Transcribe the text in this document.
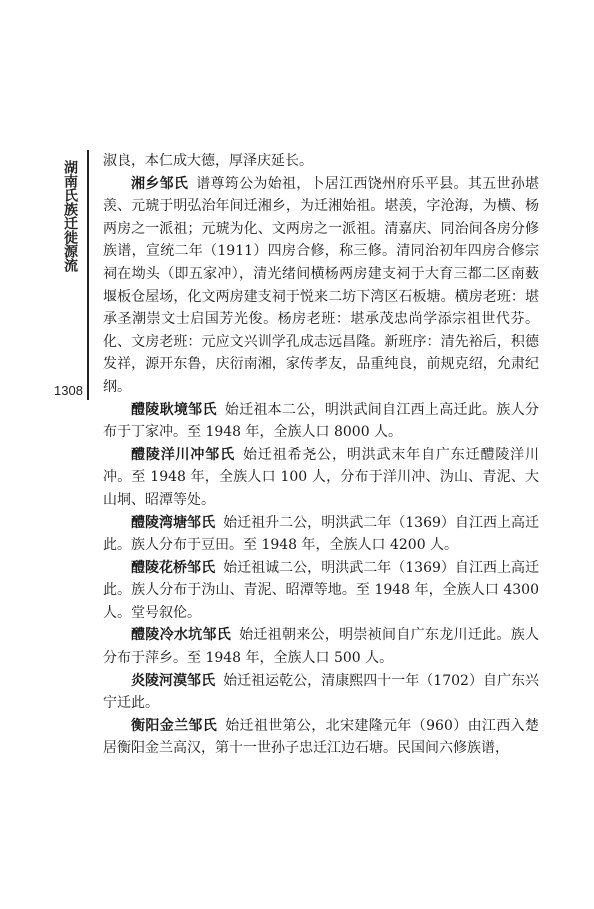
湖南氏族迁徙源流
1308

淑良，本仁成大德，厚泽庆延长。

湘乡邹氏 谱尊筠公为始祖，卜居江西饶州府乐平县。其五世孙堪羡、元琥于明弘治年间迁湘乡，为迁湘始祖。堪羡，字沧海，为横、杨两房之一派祖；元琥为化、文两房之一派祖。清嘉庆、同治间各房分修族谱，宣统二年（1911）四房合修，称三修。清同治初年四房合修宗祠在坳头（即五家冲），清光绪间横杨两房建支祠于大育三都二区南薮堰板仓屋场，化文两房建支祠于悦来二坊下湾区石板塘。横房老班：堪承圣潮崇文士启国芳光俊。杨房老班：堪承茂忠尚学添宗祖世代芬。化、文房老班：元应文兴训学孔成志远昌隆。新班序：清先裕后，积德发祥，源开东鲁，庆衍南湘，家传孝友，品重纯良，前规克绍，允肃纪纲。

醴陵耿境邹氏 始迁祖本二公，明洪武间自江西上高迁此。族人分布于丁家冲。至 1948 年，全族人口 8000 人。

醴陵洋川冲邹氏 始迁祖希尧公，明洪武末年自广东迁醴陵洋川冲。至 1948 年，全族人口 100 人，分布于洋川冲、沩山、青泥、大山垌、昭潭等处。

醴陵湾塘邹氏 始迁祖升二公，明洪武二年（1369）自江西上高迁此。族人分布于豆田。至 1948 年，全族人口 4200 人。

醴陵花桥邹氏 始迁祖诚二公，明洪武二年（1369）自江西上高迁此。族人分布于沩山、青泥、昭潭等地。至 1948 年，全族人口 4300 人。堂号叙伦。

醴陵冷水坑邹氏 始迁祖朝来公，明崇祯间自广东龙川迁此。族人分布于萍乡。至 1948 年，全族人口 500 人。

炎陵河漠邹氏 始迁祖运乾公，清康熙四十一年（1702）自广东兴宁迁此。

衡阳金兰邹氏 始迁祖世第公，北宋建隆元年（960）由江西入楚居衡阳金兰高汉，第十一世孙子忠迁江边石塘。民国间六修族谱，
